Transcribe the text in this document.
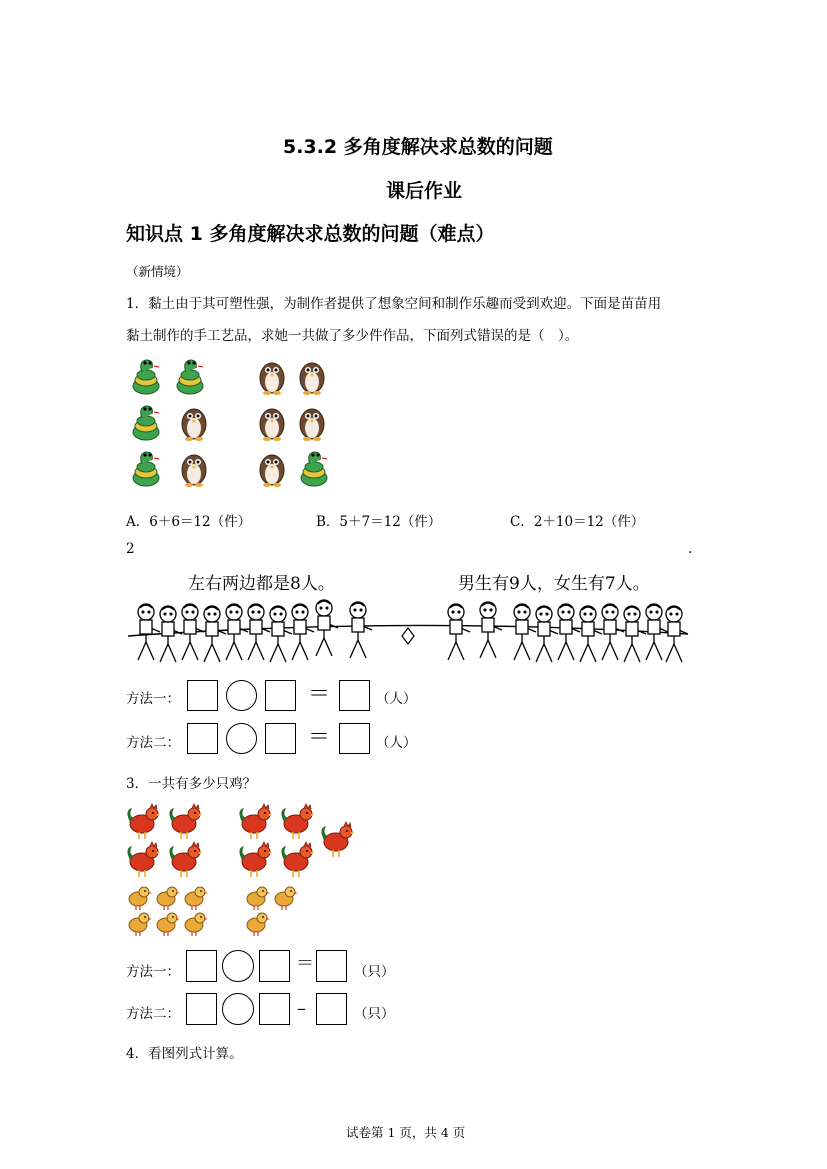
5.3.2 多角度解决求总数的问题
课后作业
知识点 1 多角度解决求总数的问题（难点）
（新情境）
1．黏土由于其可塑性强，为制作者提供了想象空间和制作乐趣而受到欢迎。下面是苗苗用
黏土制作的手工艺品，求她一共做了多少件作品，下面列式错误的是（　）。
A．6＋6＝12（件）	B．5＋7＝12（件）	C．2＋10＝12（件）
2	.
左右两边都是8人。	男生有9人，女生有7人。
方法一：	＝	（人）
方法二：	＝	（人）
3．一共有多少只鸡？
方法一：	＝	（只）
方法二：	–	（只）
4．看图列式计算。
试卷第 1 页，共 4 页
